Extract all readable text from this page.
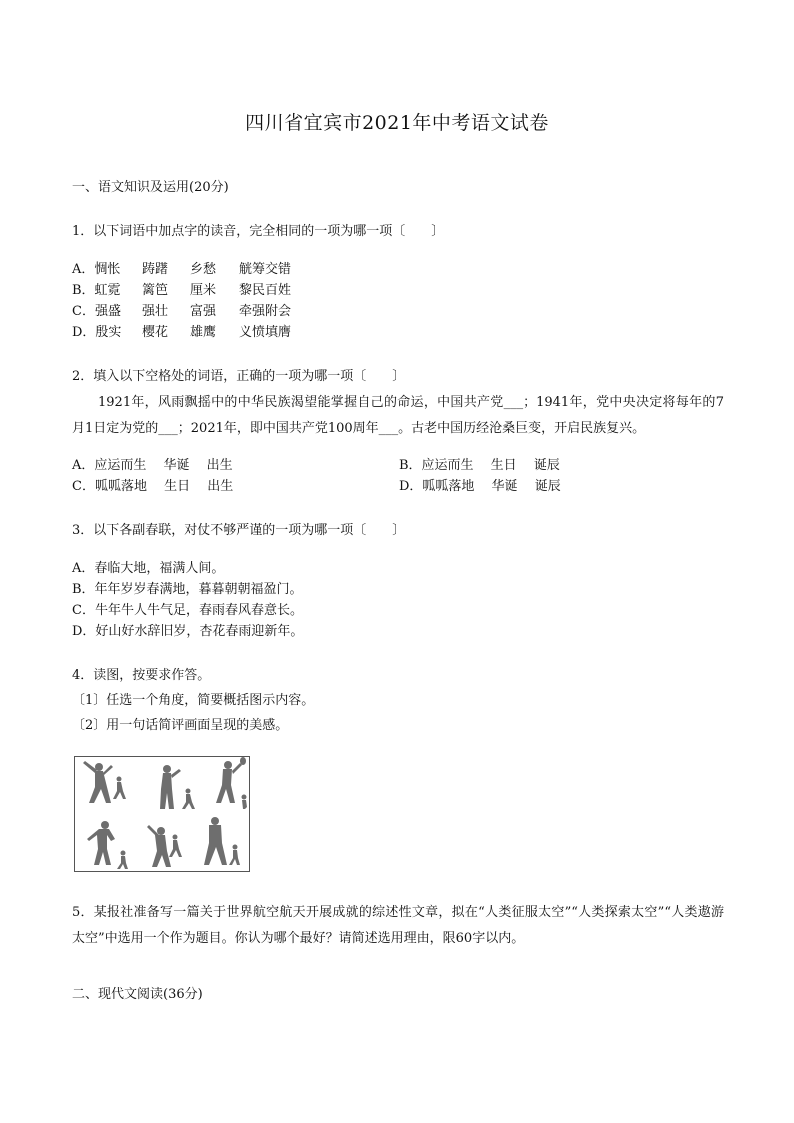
四川省宜宾市2021年中考语文试卷
一、语文知识及运用(20分)
1．以下词语中加点字的读音，完全相同的一项为哪一项〔　　〕
A．惆怅 踌躇 乡愁 觥筹交错
B．虹霓 篱笆 厘米 黎民百姓
C．强盛 强壮 富强 牵强附会
D．殷实 樱花 雄鹰 义愤填膺
2．填入以下空格处的词语，正确的一项为哪一项〔　　〕
1921年，风雨飘摇中的中华民族渴望能掌握自己的命运，中国共产党___；1941年，党中央决定将每年的7月1日定为党的___；2021年，即中国共产党100周年___。古老中国历经沧桑巨变，开启民族复兴。
A．应运而生　 华诞　 出生	B．应运而生　 生日　 诞辰
C．呱呱落地　 生日　 出生	D．呱呱落地　 华诞　 诞辰
3．以下各副春联，对仗不够严谨的一项为哪一项〔　　〕
A．春临大地，福满人间。
B．年年岁岁春满地，暮暮朝朝福盈门。
C．牛年牛人牛气足，春雨春风春意长。
D．好山好水辞旧岁，杏花春雨迎新年。
4．读图，按要求作答。
〔1〕任选一个角度，简要概括图示内容。
〔2〕用一句话简评画面呈现的美感。
5．某报社准备写一篇关于世界航空航天开展成就的综述性文章，拟在“人类征服太空”“人类探索太空”“人类遨游太空”中选用一个作为题目。你认为哪个最好？请简述选用理由，限60字以内。
二、现代文阅读(36分)
